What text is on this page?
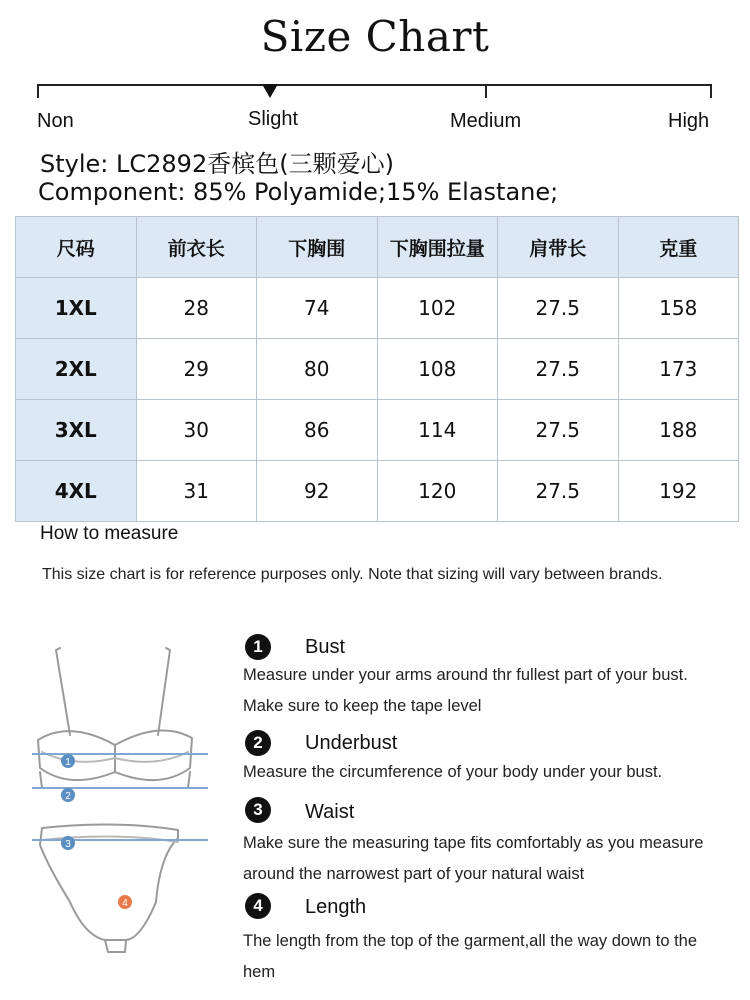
Size Chart
Non	Slight	Medium	High
Style: LC2892香槟色(三颗爱心)
Component: 85% Polyamide;15% Elastane;
尺码	前衣长	下胸围	下胸围拉量	肩带长	克重
1XL	28	74	102	27.5	158
2XL	29	80	108	27.5	173
3XL	30	86	114	27.5	188
4XL	31	92	120	27.5	192
How to measure
This size chart is for reference purposes only. Note that sizing will vary between brands.
1
2
3
4
1	Bust
Measure under your arms around thr fullest part of your bust. Make sure to keep the tape level
2	Underbust
Measure the circumference of your body under your bust.
3	Waist
Make sure the measuring tape fits comfortably as you measure around the narrowest part of your natural waist
4	Length
The length from the top of the garment,all the way down to the hem
